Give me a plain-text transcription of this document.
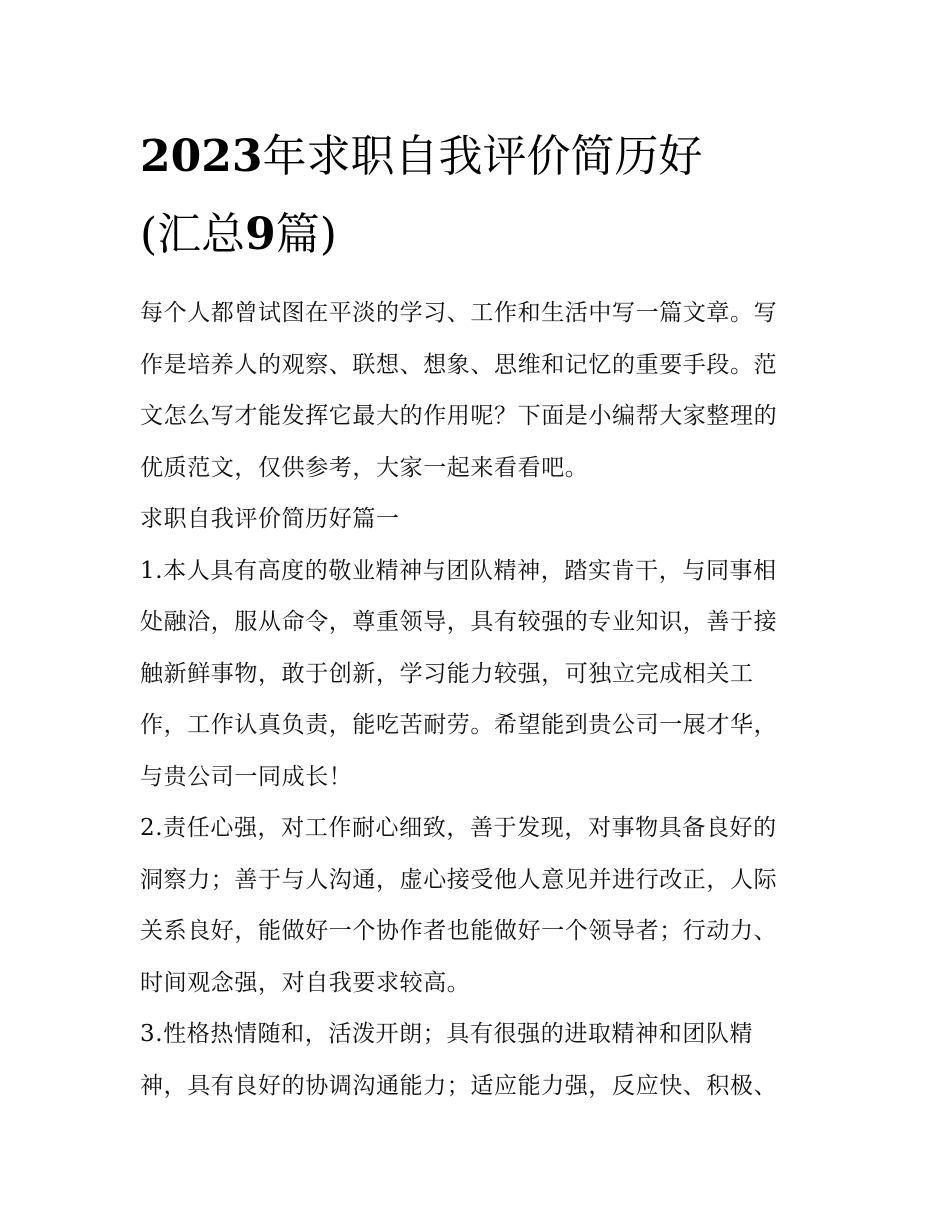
2023年求职自我评价简历好
(汇总9篇)
每个人都曾试图在平淡的学习、工作和生活中写一篇文章。写
作是培养人的观察、联想、想象、思维和记忆的重要手段。范
文怎么写才能发挥它最大的作用呢？下面是小编帮大家整理的
优质范文，仅供参考，大家一起来看看吧。
求职自我评价简历好篇一
1.本人具有高度的敬业精神与团队精神，踏实肯干，与同事相
处融洽，服从命令，尊重领导，具有较强的专业知识，善于接
触新鲜事物，敢于创新，学习能力较强，可独立完成相关工
作，工作认真负责，能吃苦耐劳。希望能到贵公司一展才华，
与贵公司一同成长！
2.责任心强，对工作耐心细致，善于发现，对事物具备良好的
洞察力；善于与人沟通，虚心接受他人意见并进行改正，人际
关系良好，能做好一个协作者也能做好一个领导者；行动力、
时间观念强，对自我要求较高。
3.性格热情随和，活泼开朗；具有很强的进取精神和团队精
神，具有良好的协调沟通能力；适应能力强，反应快、积极、
